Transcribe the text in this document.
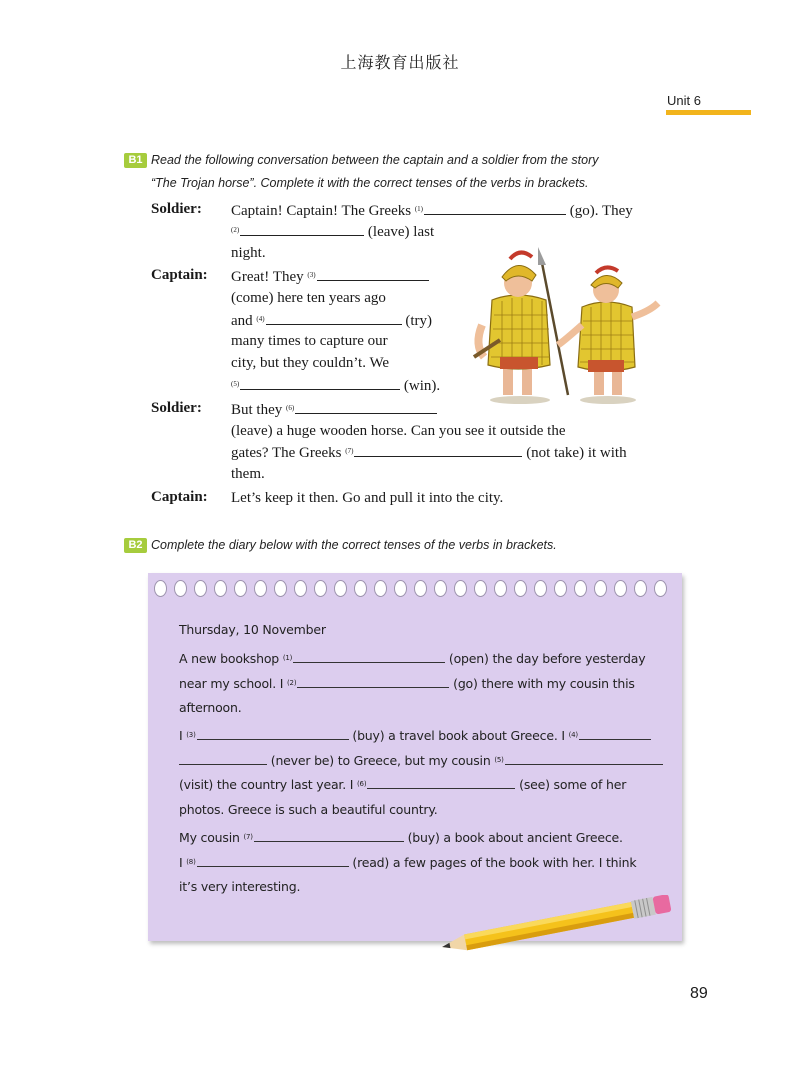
上海教育出版社
Unit 6
B1 Read the following conversation between the captain and a soldier from the story
“The Trojan horse”. Complete it with the correct tenses of the verbs in brackets.
Soldier: Captain! Captain! The Greeks $^{(1)}$	(go). They
$^{(2)}$	(leave) last
night.
Captain: Great! They $^{(3)}$
(come) here ten years ago
and $^{(4)}$	(try)
many times to capture our
city, but they couldn’t. We
$^{(5)}$	(win).
Soldier: But they $^{(6)}$
(leave) a huge wooden horse. Can you see it outside the
gates? The Greeks $^{(7)}$	(not take) it with
them.
Captain: Let’s keep it then. Go and pull it into the city.
B2 Complete the diary below with the correct tenses of the verbs in brackets.
Thursday, 10 November
A new bookshop $^{(1)}$	(open) the day before yesterday
near my school. I $^{(2)}$	(go) there with my cousin this
afternoon.
I $^{(3)}$	(buy) a travel book about Greece. I $^{(4)}$
(never be) to Greece, but my cousin $^{(5)}$
(visit) the country last year. I $^{(6)}$	(see) some of her
photos. Greece is such a beautiful country.
My cousin $^{(7)}$	(buy) a book about ancient Greece.
I $^{(8)}$	(read) a few pages of the book with her. I think
it’s very interesting.
89
